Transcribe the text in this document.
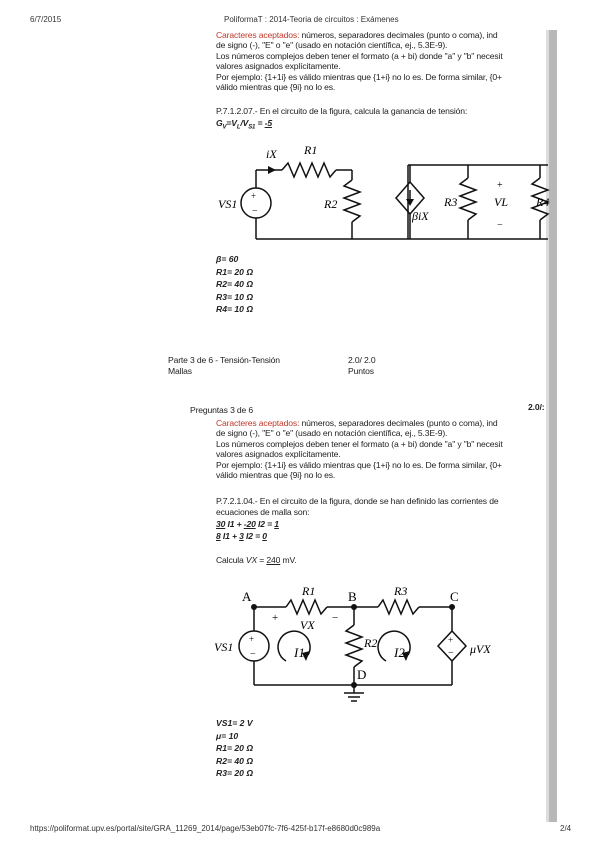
6/7/2015	PoliformaT : 2014-Teoria de circuitos : Exámenes
Caracteres aceptados: números, separadores decimales (punto o coma), ind
de signo (-), "E" o "e" (usado en notación científica, ej., 5.3E-9).
Los números complejos deben tener el formato (a + bi) donde "a" y "b" necesit
valores asignados explícitamente.
Por ejemplo: {1+1i} es válido mientras que {1+i} no lo es. De forma similar, {0+
válido mientras que {9i} no lo es.
P.7.1.2.07.- En el circuito de la figura, calcula la ganancia de tensión:
$G_V=V_L/V_{S1} = -5$
+
−
VS1
iX R1
R2
βiX
R3
+
VL
−
R4
β= 60
R1= 20 Ω
R2= 40 Ω
R3= 10 Ω
R4= 10 Ω
Parte 3 de 6 - Tensión-Tensión
Mallas
2.0/ 2.0
Puntos
Preguntas 3 de 6	2.0/:
Caracteres aceptados: números, separadores decimales (punto o coma), ind
de signo (-), "E" o "e" (usado en notación científica, ej., 5.3E-9).
Los números complejos deben tener el formato (a + bi) donde "a" y "b" necesit
valores asignados explícitamente.
Por ejemplo: {1+1i} es válido mientras que {1+i} no lo es. De forma similar, {0+
válido mientras que {9i} no lo es.
P.7.2.1.04.- En el circuito de la figura, donde se han definido las corrientes de
ecuaciones de malla son:
30 I1 + -20 I2 = 1
8 I1 + 3 I2 = 0
Calcula VX = 240 mV.
+
−
+
−
A	B	C
D
R1	R3
R2
+	−
VX
VS1	I1	I2	μVX
VS1= 2 V
μ= 10
R1= 20 Ω
R2= 40 Ω
R3= 20 Ω
https://poliformat.upv.es/portal/site/GRA_11269_2014/page/53eb07fc-7f6-425f-b17f-e8680d0c989a	2/4
